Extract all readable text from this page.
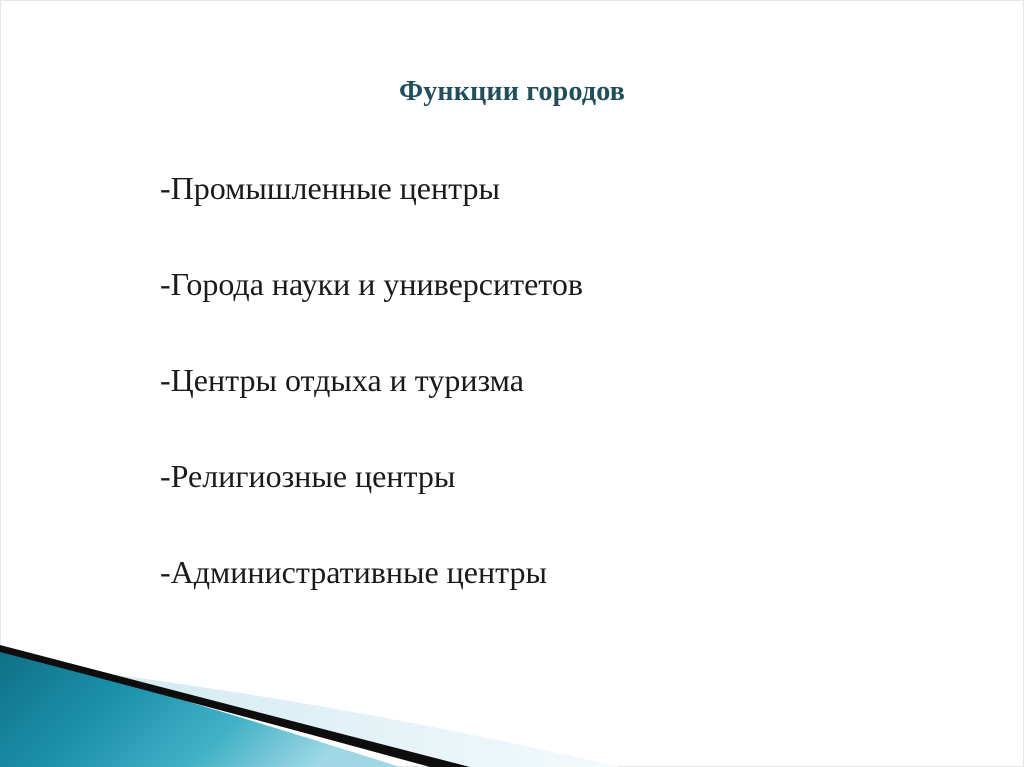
Функции городов
-Промышленные центры
-Города науки и университетов
-Центры отдыха и туризма
-Религиозные центры
-Административные центры
